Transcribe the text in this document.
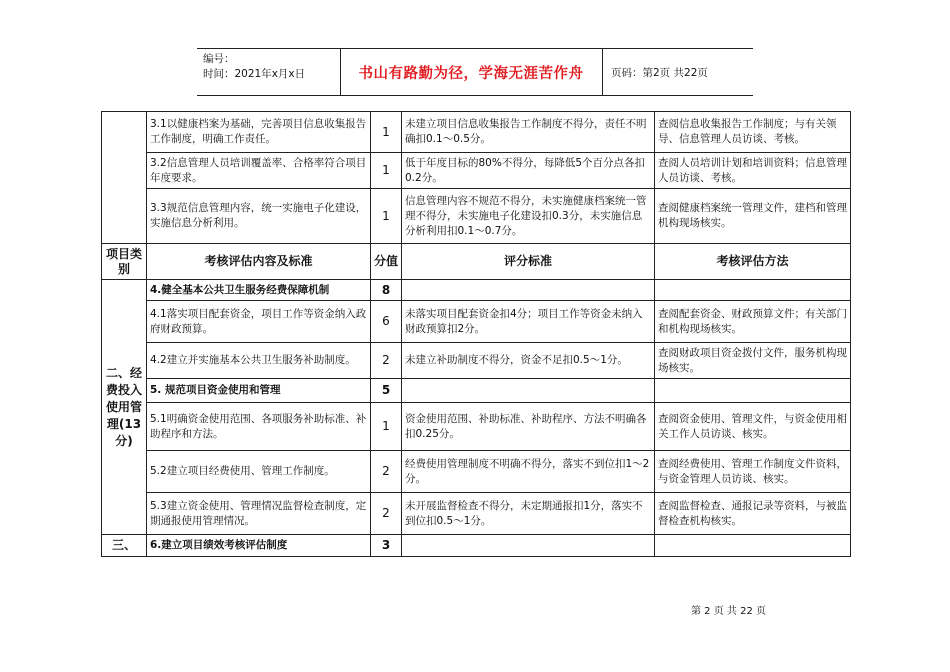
编号：
时间：2021年x月x日	书山有路勤为径，学海无涯苦作舟	页码：第2页 共22页
	3.1以健康档案为基础，完善项目信息收集报告工作制度，明确工作责任。	1	未建立项目信息收集报告工作制度不得分，责任不明确扣0.1～0.5分。	查阅信息收集报告工作制度；与有关领导、信息管理人员访谈、考核。
	3.2信息管理人员培训覆盖率、合格率符合项目年度要求。	1	低于年度目标的80%不得分，每降低5个百分点各扣0.2分。	查阅人员培训计划和培训资料；信息管理人员访谈、考核。
	3.3规范信息管理内容，统一实施电子化建设，实施信息分析利用。	1	信息管理内容不规范不得分，未实施健康档案统一管理不得分，未实施电子化建设扣0.3分，未实施信息分析利用扣0.1～0.7分。	查阅健康档案统一管理文件，建档和管理机构现场核实。
项目类别	考核评估内容及标准	分值	评分标准	考核评估方法
二、经费投入使用管理(13分)	4.健全基本公共卫生服务经费保障机制	8		
	4.1落实项目配套资金，项目工作等资金纳入政府财政预算。	6	未落实项目配套资金扣4分；项目工作等资金未纳入财政预算扣2分。	查阅配套资金、财政预算文件；有关部门和机构现场核实。
	4.2建立并实施基本公共卫生服务补助制度。	2	未建立补助制度不得分，资金不足扣0.5～1分。	查阅财政项目资金拨付文件，服务机构现场核实。
	5. 规范项目资金使用和管理	5		
	5.1明确资金使用范围、各项服务补助标准、补助程序和方法。	1	资金使用范围、补助标准、补助程序、方法不明确各扣0.25分。	查阅资金使用、管理文件，与资金使用相关工作人员访谈、核实。
	5.2建立项目经费使用、管理工作制度。	2	经费使用管理制度不明确不得分，落实不到位扣1～2分。	查阅经费使用、管理工作制度文件资料，与资金管理人员访谈、核实。
	5.3建立资金使用、管理情况监督检查制度，定期通报使用管理情况。	2	未开展监督检查不得分，未定期通报扣1分，落实不到位扣0.5～1分。	查阅监督检查、通报记录等资料，与被监督检查机构核实。
三、	6.建立项目绩效考核评估制度	3		
第 2 页 共 22 页
